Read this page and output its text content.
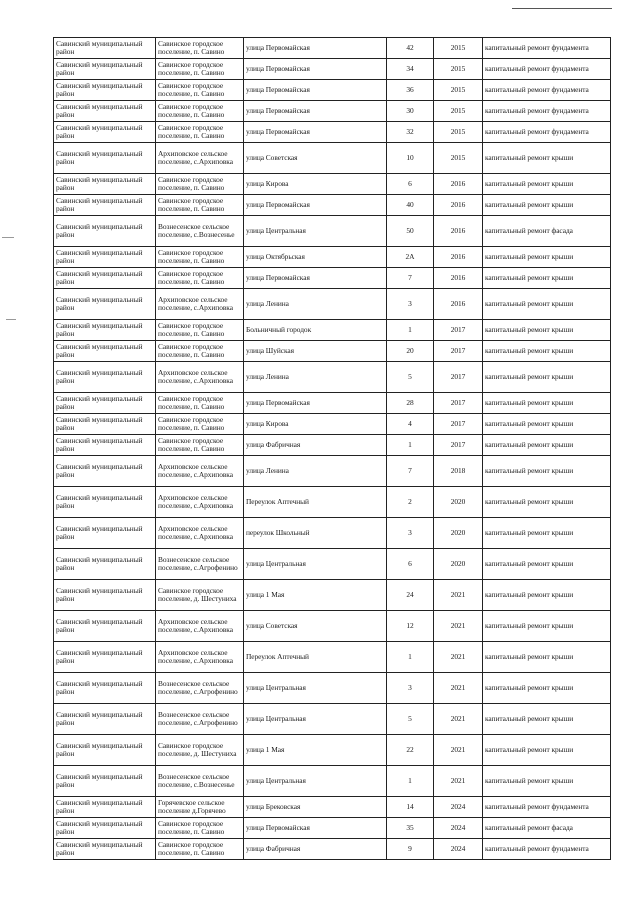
Савинский муниципальный район	Савинское городское поселение, п. Савино	улица Первомайская	42	2015	капитальный ремонт фундамента
Савинский муниципальный район	Савинское городское поселение, п. Савино	улица Первомайская	34	2015	капитальный ремонт фундамента
Савинский муниципальный район	Савинское городское поселение, п. Савино	улица Первомайская	36	2015	капитальный ремонт фундамента
Савинский муниципальный район	Савинское городское поселение, п. Савино	улица Первомайская	30	2015	капитальный ремонт фундамента
Савинский муниципальный район	Савинское городское поселение, п. Савино	улица Первомайская	32	2015	капитальный ремонт фундамента
Савинский муниципальный район	Архиповское сельское поселение, с.Архиповка	улица Советская	10	2015	капитальный ремонт крыши
Савинский муниципальный район	Савинское городское поселение, п. Савино	улица Кирова	6	2016	капитальный ремонт крыши
Савинский муниципальный район	Савинское городское поселение, п. Савино	улица Первомайская	40	2016	капитальный ремонт крыши
Савинский муниципальный район	Вознесенское сельское поселение, с.Вознесенье	улица Центральная	50	2016	капитальный ремонт фасада
Савинский муниципальный район	Савинское городское поселение, п. Савино	улица Октябрьская	2А	2016	капитальный ремонт крыши
Савинский муниципальный район	Савинское городское поселение, п. Савино	улица Первомайская	7	2016	капитальный ремонт крыши
Савинский муниципальный район	Архиповское сельское поселение, с.Архиповка	улица Ленина	3	2016	капитальный ремонт крыши
Савинский муниципальный район	Савинское городское поселение, п. Савино	Больничный городок	1	2017	капитальный ремонт крыши
Савинский муниципальный район	Савинское городское поселение, п. Савино	улица Шуйская	20	2017	капитальный ремонт крыши
Савинский муниципальный район	Архиповское сельское поселение, с.Архиповка	улица Ленина	5	2017	капитальный ремонт крыши
Савинский муниципальный район	Савинское городское поселение, п. Савино	улица Первомайская	28	2017	капитальный ремонт крыши
Савинский муниципальный район	Савинское городское поселение, п. Савино	улица Кирова	4	2017	капитальный ремонт крыши
Савинский муниципальный район	Савинское городское поселение, п. Савино	улица Фабричная	1	2017	капитальный ремонт крыши
Савинский муниципальный район	Архиповское сельское поселение, с.Архиповка	улица Ленина	7	2018	капитальный ремонт крыши
Савинский муниципальный район	Архиповское сельское поселение, с.Архиповка	Переулок Аптечный	2	2020	капитальный ремонт крыши
Савинский муниципальный район	Архиповское сельское поселение, с.Архиповка	переулок Школьный	3	2020	капитальный ремонт крыши
Савинский муниципальный район	Вознесенское сельское поселение, с.Агрофенино	улица Центральная	6	2020	капитальный ремонт крыши
Савинский муниципальный район	Савинское городское поселение, д. Шестуниха	улица 1 Мая	24	2021	капитальный ремонт крыши
Савинский муниципальный район	Архиповское сельское поселение, с.Архиповка	улица Советская	12	2021	капитальный ремонт крыши
Савинский муниципальный район	Архиповское сельское поселение, с.Архиповка	Переулок Аптечный	1	2021	капитальный ремонт крыши
Савинский муниципальный район	Вознесенское сельское поселение, с.Агрофенино	улица Центральная	3	2021	капитальный ремонт крыши
Савинский муниципальный район	Вознесенское сельское поселение, с.Агрофенино	улица Центральная	5	2021	капитальный ремонт крыши
Савинский муниципальный район	Савинское городское поселение, д. Шестуниха	улица 1 Мая	22	2021	капитальный ремонт крыши
Савинский муниципальный район	Вознесенское сельское поселение, с.Вознесенье	улица Центральная	1	2021	капитальный ремонт крыши
Савинский муниципальный район	Горячевское сельское поселение д.Горячево	улица Брековская	14	2024	капитальный ремонт фундамента
Савинский муниципальный район	Савинское городское поселение, п. Савино	улица Первомайская	35	2024	капитальный ремонт фасада
Савинский муниципальный район	Савинское городское поселение, п. Савино	улица Фабричная	9	2024	капитальный ремонт фундамента
